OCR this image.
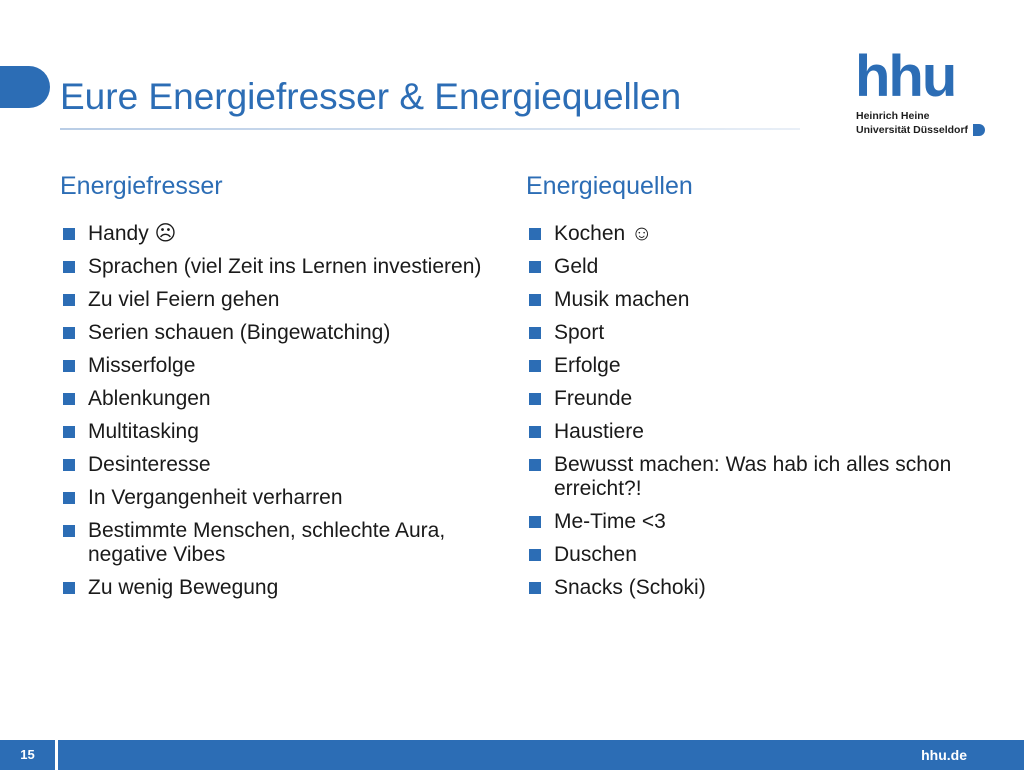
Eure Energiefresser & Energiequellen	hhu
Heinrich Heine
Universität Düsseldorf
Energiefresser
Handy ☹
Sprachen (viel Zeit ins Lernen investieren)
Zu viel Feiern gehen
Serien schauen (Bingewatching)
Misserfolge
Ablenkungen
Multitasking
Desinteresse
In Vergangenheit verharren
Bestimmte Menschen, schlechte Aura, negative Vibes
Zu wenig Bewegung
Energiequellen
Kochen ☺
Geld
Musik machen
Sport
Erfolge
Freunde
Haustiere
Bewusst machen: Was hab ich alles schon erreicht?!
Me-Time <3
Duschen
Snacks (Schoki)
15	hhu.de
